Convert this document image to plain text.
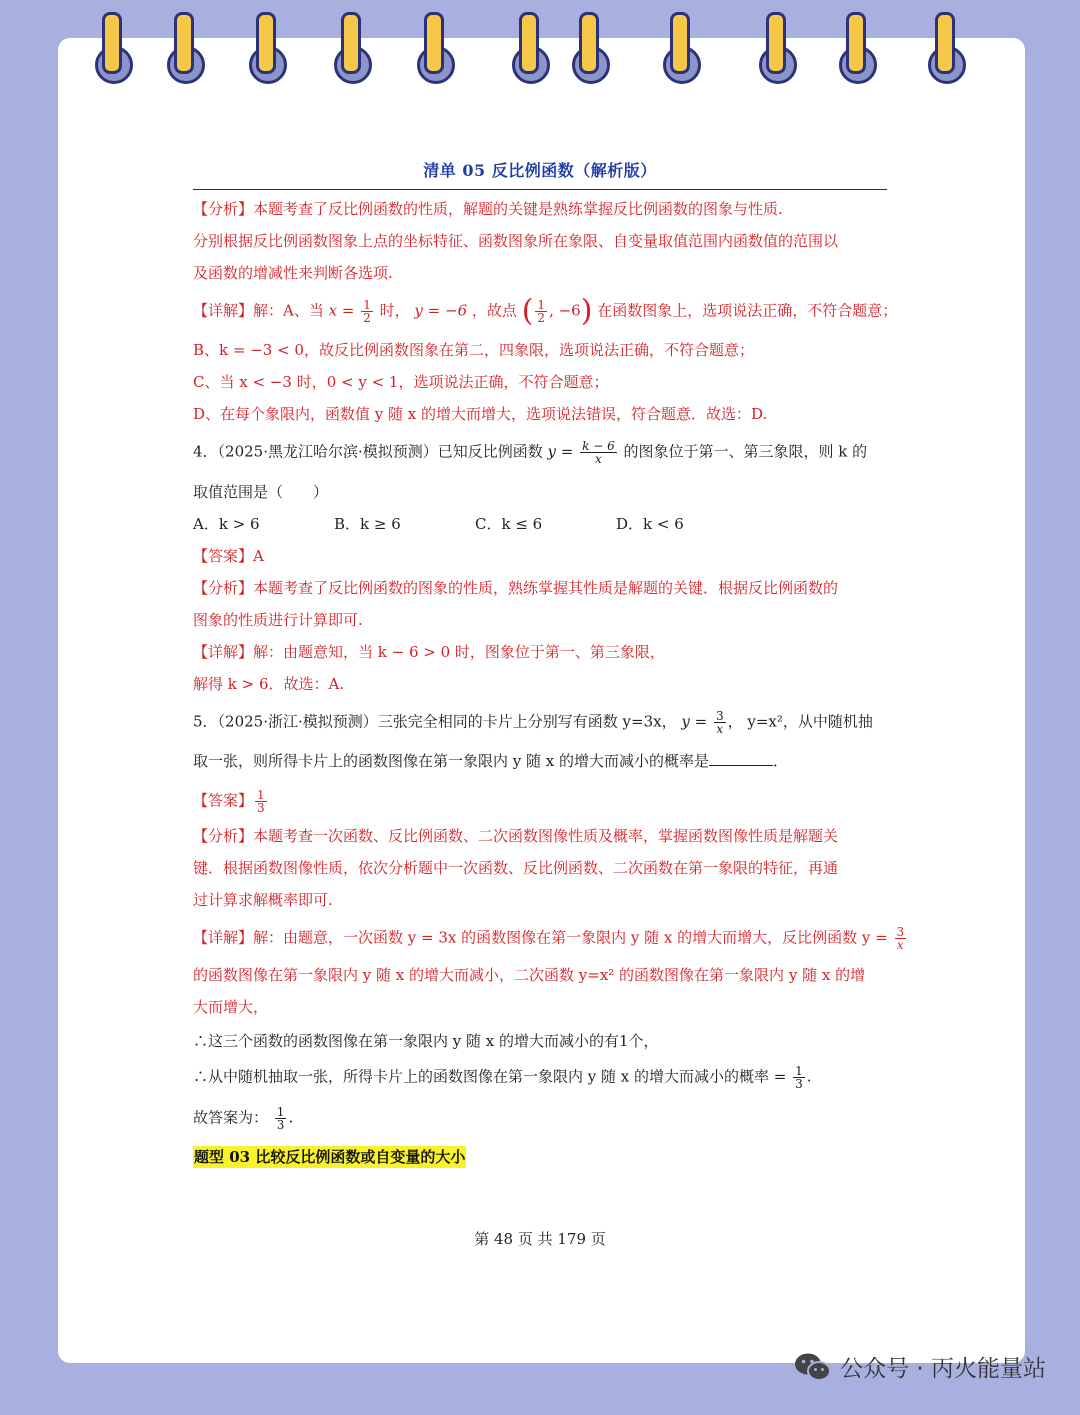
清单 05 反比例函数（解析版）

【分析】本题考查了反比例函数的性质，解题的关键是熟练掌握反比例函数的图象与性质.

分别根据反比例函数图象上点的坐标特征、函数图象所在象限、自变量取值范围内函数值的范围以

及函数的增减性来判断各选项.

【详解】解：A、当 $x = \frac{1}{2}$ 时， y = −6 ，故点 ( $\frac{1}{2}$ , −6) 在函数图象上，选项说法正确，不符合题意；

B、k = −3 < 0，故反比例函数图象在第二，四象限，选项说法正确，不符合题意；

C、当 x < −3 时，0 < y < 1，选项说法正确，不符合题意；

D、在每个象限内，函数值 y 随 x 的增大而增大，选项说法错误，符合题意．故选：D.

4．（2025·黑龙江哈尔滨·模拟预测）已知反比例函数 $y = \frac{k - 6}{x}$ 的图象位于第一、第三象限，则 k 的

取值范围是（　　）

A．k > 6	B．k ≥ 6	C．k ≤ 6	D．k < 6

【答案】A

【分析】本题考查了反比例函数的图象的性质，熟练掌握其性质是解题的关键．根据反比例函数的

图象的性质进行计算即可.

【详解】解：由题意知，当 k − 6 > 0 时，图象位于第一、第三象限，

解得 k > 6．故选：A.

5．（2025·浙江·模拟预测）三张完全相同的卡片上分别写有函数 y=3x， $y = \frac{3}{x}$ ， y=x²，从中随机抽

取一张，则所得卡片上的函数图像在第一象限内 y 随 x 的增大而减小的概率是	．

【答案】 $\frac{1}{3}$

【分析】本题考查一次函数、反比例函数、二次函数图像性质及概率，掌握函数图像性质是解题关

键．根据函数图像性质，依次分析题中一次函数、反比例函数、二次函数在第一象限的特征，再通

过计算求解概率即可.

【详解】解：由题意，一次函数 y = 3x 的函数图像在第一象限内 y 随 x 的增大而增大，反比例函数 $y = \frac{3}{x}$

的函数图像在第一象限内 y 随 x 的增大而减小，二次函数 y=x² 的函数图像在第一象限内 y 随 x 的增

大而增大，

∴这三个函数的函数图像在第一象限内 y 随 x 的增大而减小的有1个，

∴从中随机抽取一张，所得卡片上的函数图像在第一象限内 y 随 x 的增大而减小的概率 = $\frac{1}{3}$ .

故答案为： $\frac{1}{3}$ .

题型 03 比较反比例函数或自变量的大小

第 48 页 共 179 页
公众号 · 丙火能量站
